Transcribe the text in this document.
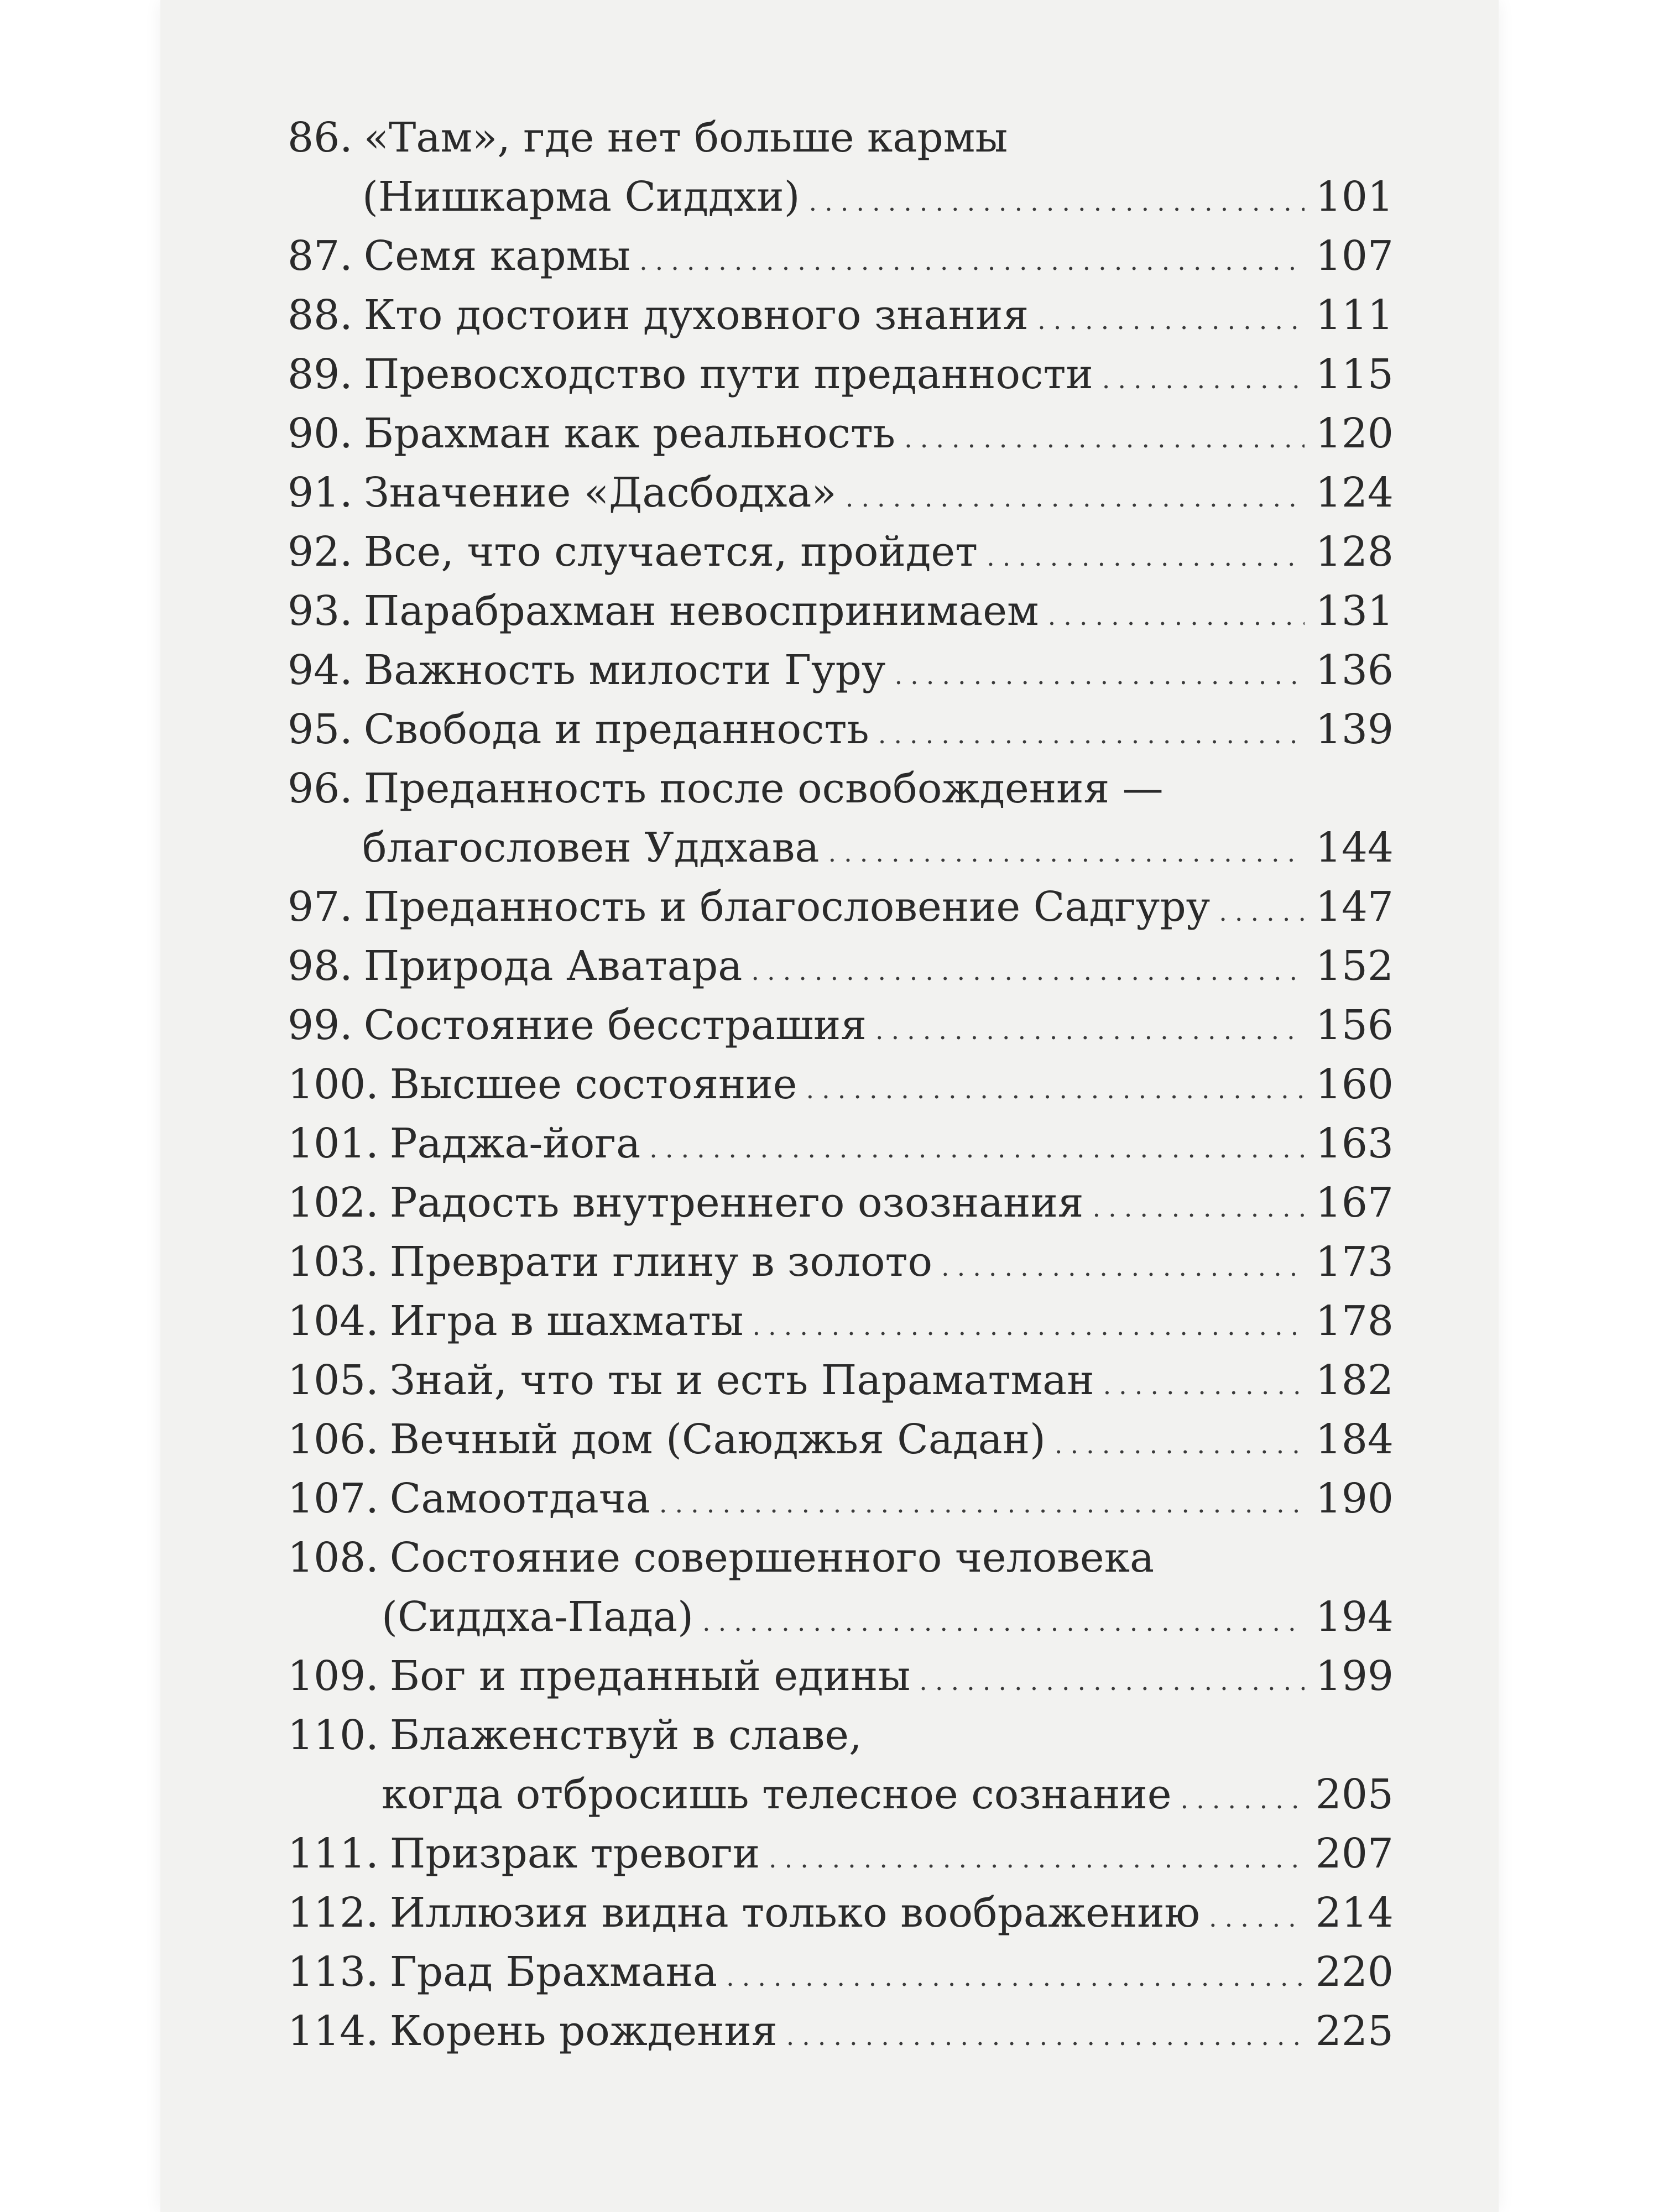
86. «Там», где нет больше кармы
(Нишкарма Сиддхи) .....	101
87. Семя кармы .....	107
88. Кто достоин духовного знания .....	111
89. Превосходство пути преданности .....	115
90. Брахман как реальность .....	120
91. Значение «Дасбодха» .....	124
92. Все, что случается, пройдет .....	128
93. Парабрахман невоспринимаем .....	131
94. Важность милости Гуру .....	136
95. Свобода и преданность .....	139
96. Преданность после освобождения —
благословен Уддхава .....	144
97. Преданность и благословение Садгуру .....	147
98. Природа Аватара .....	152
99. Состояние бесстрашия .....	156
100. Высшее состояние .....	160
101. Раджа-йога .....	163
102. Радость внутреннего озознания .....	167
103. Преврати глину в золото .....	173
104. Игра в шахматы .....	178
105. Знай, что ты и есть Параматман .....	182
106. Вечный дом (Саюджья Садан) .....	184
107. Самоотдача .....	190
108. Состояние совершенного человека
(Сиддха-Пада) .....	194
109. Бог и преданный едины .....	199
110. Блаженствуй в славе,
когда отбросишь телесное сознание .....	205
111. Призрак тревоги .....	207
112. Иллюзия видна только воображению .....	214
113. Град Брахмана .....	220
114. Корень рождения .....	225
